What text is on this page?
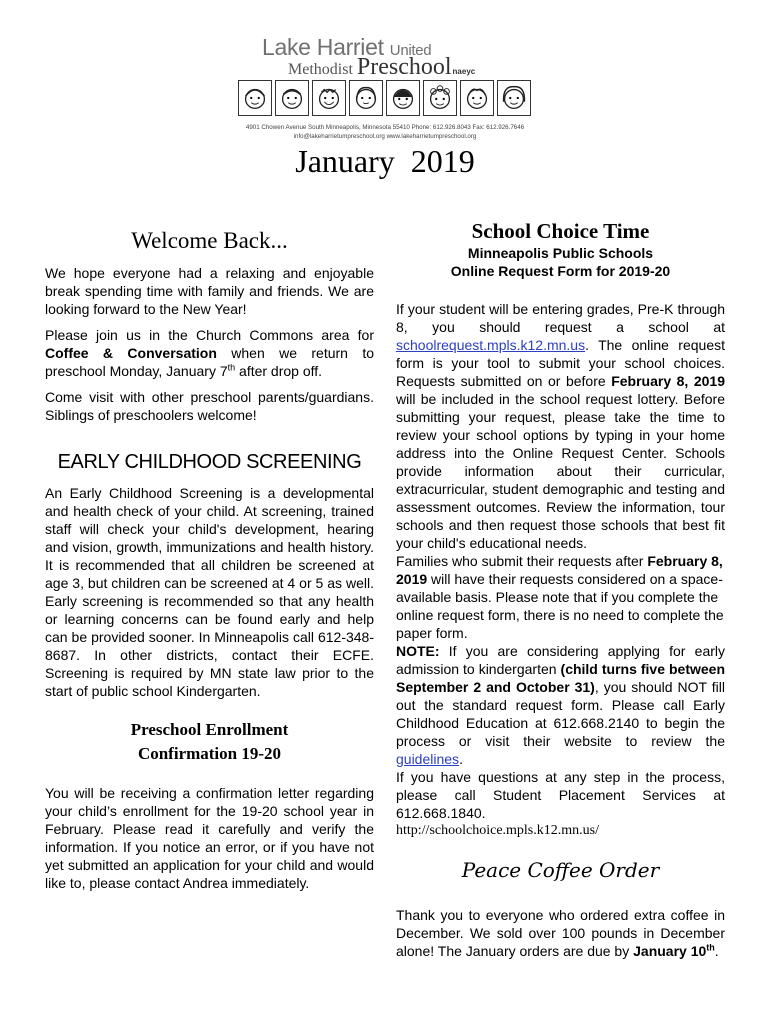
Lake Harriet United
Methodist Preschoolnaeyc
4901 Chowen Avenue South Minneapolis, Minnesota 55410 Phone: 612.926.8043 Fax: 612.926.7646
info@lakeharrietumpreschool.org www.lakeharrietumpreschool.org
January 2019
Welcome Back...

We hope everyone had a relaxing and enjoyable break spending time with family and friends. We are looking forward to the New Year!

Please join us in the Church Commons area for Coffee & Conversation when we return to preschool Monday, January 7th after drop off.

Come visit with other preschool parents/guardians. Siblings of preschoolers welcome!

EARLY CHILDHOOD SCREENING

An Early Childhood Screening is a developmental and health check of your child. At screening, trained staff will check your child's development, hearing and vision, growth, immunizations and health history. It is recommended that all children be screened at age 3, but children can be screened at 4 or 5 as well. Early screening is recommended so that any health or learning concerns can be found early and help can be provided sooner. In Minneapolis call 612-348-8687. In other districts, contact their ECFE. Screening is required by MN state law prior to the start of public school Kindergarten.

Preschool Enrollment
Confirmation 19-20

You will be receiving a confirmation letter regarding your child’s enrollment for the 19-20 school year in February. Please read it carefully and verify the information. If you notice an error, or if you have not yet submitted an application for your child and would like to, please contact Andrea immediately.

School Choice Time
Minneapolis Public Schools
Online Request Form for 2019-20

If your student will be entering grades, Pre-K through 8, you should request a school at schoolrequest.mpls.k12.mn.us. The online request form is your tool to submit your school choices. Requests submitted on or before February 8, 2019 will be included in the school request lottery. Before submitting your request, please take the time to review your school options by typing in your home address into the Online Request Center. Schools provide information about their curricular, extracurricular, student demographic and testing and assessment outcomes. Review the information, tour schools and then request those schools that best fit your child's educational needs.

Families who submit their requests after February 8, 2019 will have their requests considered on a space-available basis. Please note that if you complete the online request form, there is no need to complete the paper form.

NOTE: If you are considering applying for early admission to kindergarten (child turns five between September 2 and October 31), you should NOT fill out the standard request form. Please call Early Childhood Education at 612.668.2140 to begin the process or visit their website to review the guidelines.

If you have questions at any step in the process, please call Student Placement Services at 612.668.1840.

http://schoolchoice.mpls.k12.mn.us/
Peace Coffee Order

Thank you to everyone who ordered extra coffee in December. We sold over 100 pounds in December alone! The January orders are due by January 10th.
